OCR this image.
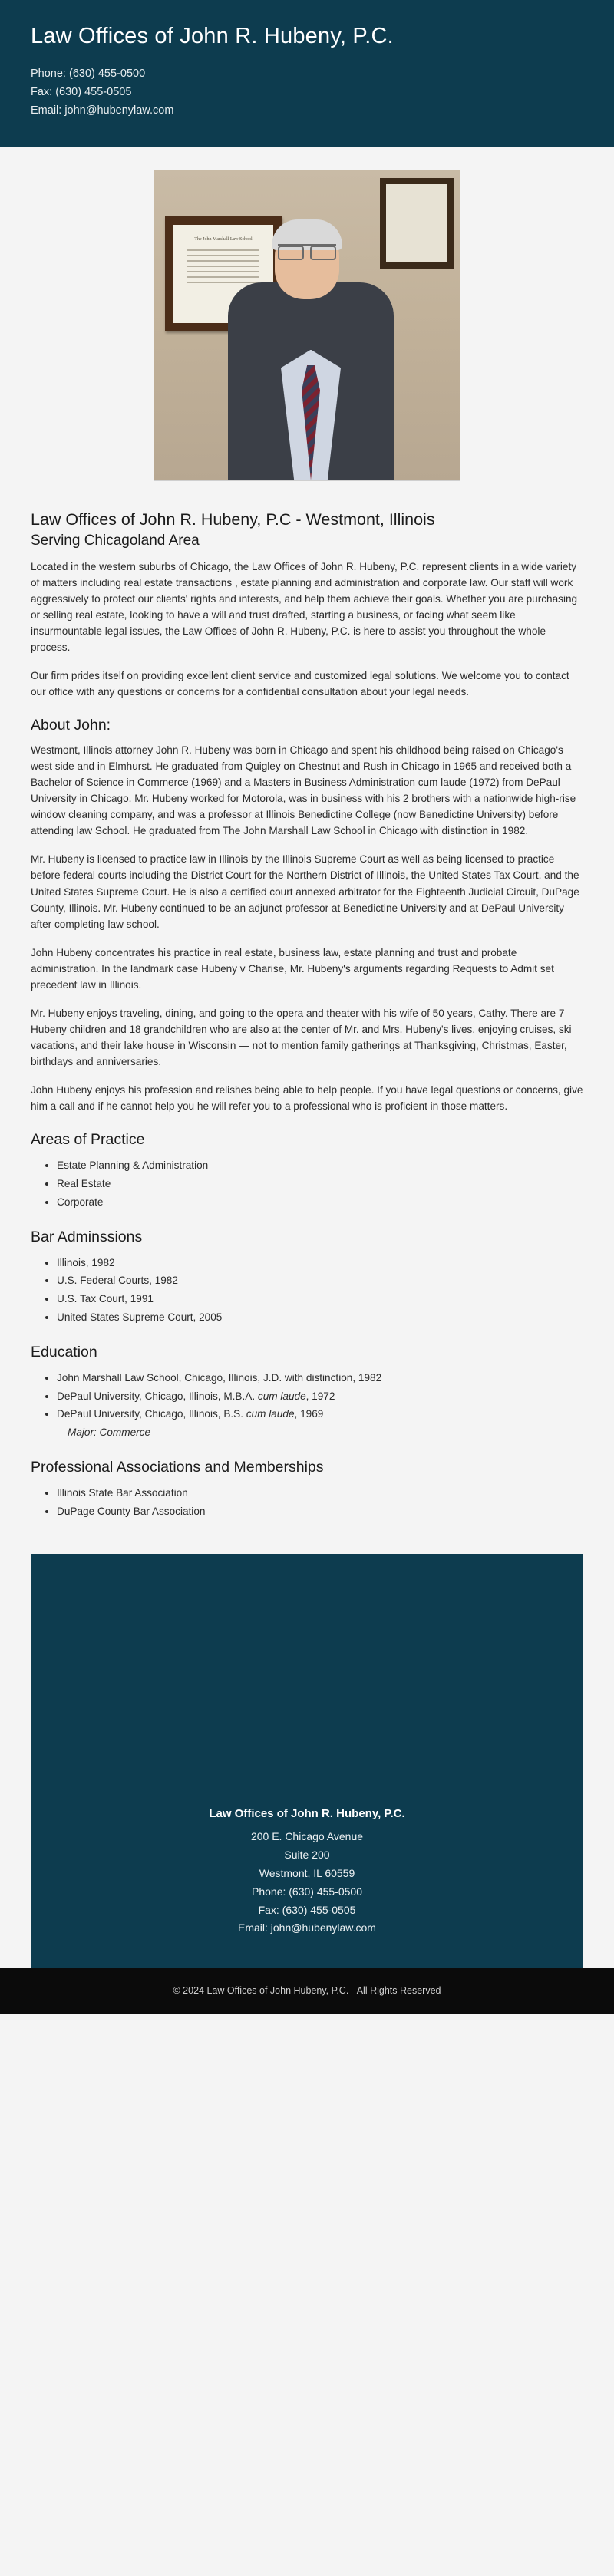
Law Offices of John R. Hubeny, P.C.
Phone: (630) 455-0500
Fax: (630) 455-0505
Email: john@hubenylaw.com
The John Marshall Law School
Law Offices of John R. Hubeny, P.C - Westmont, Illinois
Serving Chicagoland Area

Located in the western suburbs of Chicago, the Law Offices of John R. Hubeny, P.C. represent clients in a wide variety of matters including real estate transactions , estate planning and administration and corporate law. Our staff will work aggressively to protect our clients' rights and interests, and help them achieve their goals. Whether you are purchasing or selling real estate, looking to have a will and trust drafted, starting a business, or facing what seem like insurmountable legal issues, the Law Offices of John R. Hubeny, P.C. is here to assist you throughout the whole process.

Our firm prides itself on providing excellent client service and customized legal solutions. We welcome you to contact our office with any questions or concerns for a confidential consultation about your legal needs.

About John:

Westmont, Illinois attorney John R. Hubeny was born in Chicago and spent his childhood being raised on Chicago's west side and in Elmhurst. He graduated from Quigley on Chestnut and Rush in Chicago in 1965 and received both a Bachelor of Science in Commerce (1969) and a Masters in Business Administration cum laude (1972) from DePaul University in Chicago. Mr. Hubeny worked for Motorola, was in business with his 2 brothers with a nationwide high-rise window cleaning company, and was a professor at Illinois Benedictine College (now Benedictine University) before attending law School. He graduated from The John Marshall Law School in Chicago with distinction in 1982.

Mr. Hubeny is licensed to practice law in Illinois by the Illinois Supreme Court as well as being licensed to practice before federal courts including the District Court for the Northern District of Illinois, the United States Tax Court, and the United States Supreme Court. He is also a certified court annexed arbitrator for the Eighteenth Judicial Circuit, DuPage County, Illinois. Mr. Hubeny continued to be an adjunct professor at Benedictine University and at DePaul University after completing law school.

John Hubeny concentrates his practice in real estate, business law, estate planning and trust and probate administration. In the landmark case Hubeny v Charise, Mr. Hubeny's arguments regarding Requests to Admit set precedent law in Illinois.

Mr. Hubeny enjoys traveling, dining, and going to the opera and theater with his wife of 50 years, Cathy. There are 7 Hubeny children and 18 grandchildren who are also at the center of Mr. and Mrs. Hubeny's lives, enjoying cruises, ski vacations, and their lake house in Wisconsin — not to mention family gatherings at Thanksgiving, Christmas, Easter, birthdays and anniversaries.

John Hubeny enjoys his profession and relishes being able to help people. If you have legal questions or concerns, give him a call and if he cannot help you he will refer you to a professional who is proficient in those matters.

Areas of Practice
• Estate Planning & Administration
• Real Estate
• Corporate
Bar Adminssions
• Illinois, 1982
• U.S. Federal Courts, 1982
• U.S. Tax Court, 1991
• United States Supreme Court, 2005
Education
• John Marshall Law School, Chicago, Illinois, J.D. with distinction, 1982
• DePaul University, Chicago, Illinois, M.B.A. cum laude, 1972
• DePaul University, Chicago, Illinois, B.S. cum laude, 1969
Major: Commerce
Professional Associations and Memberships
• Illinois State Bar Association
• DuPage County Bar Association
Law Offices of John R. Hubeny, P.C.
200 E. Chicago Avenue
Suite 200
Westmont, IL 60559
Phone: (630) 455-0500
Fax: (630) 455-0505
Email: john@hubenylaw.com
© 2024 Law Offices of John Hubeny, P.C. - All Rights Reserved
